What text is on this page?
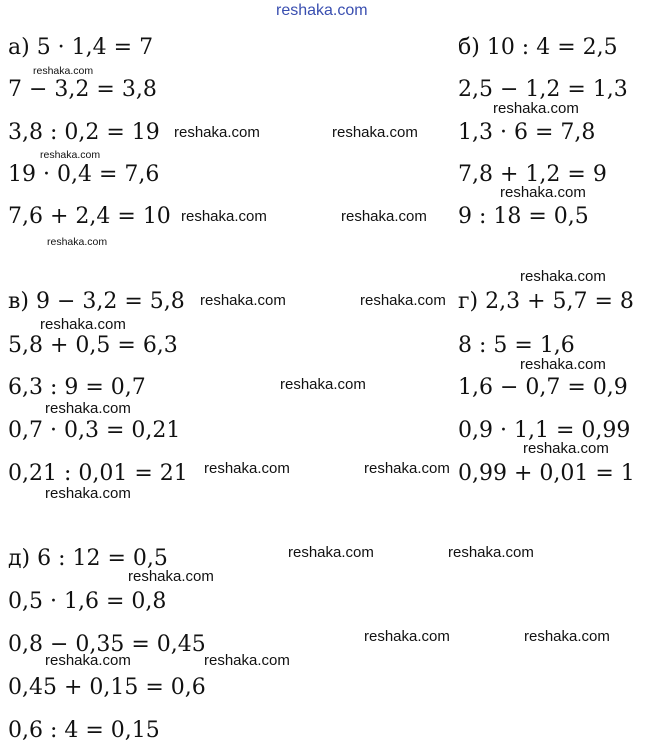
reshaka.com
а) 5 · 1,4 = 7
7 − 3,2 = 3,8
3,8 : 0,2 = 19
19 · 0,4 = 7,6
7,6 + 2,4 = 10
б) 10 : 4 = 2,5
2,5 − 1,2 = 1,3
1,3 · 6 = 7,8
7,8 + 1,2 = 9
9 : 18 = 0,5
в) 9 − 3,2 = 5,8
5,8 + 0,5 = 6,3
6,3 : 9 = 0,7
0,7 · 0,3 = 0,21
0,21 : 0,01 = 21
г) 2,3 + 5,7 = 8
8 : 5 = 1,6
1,6 − 0,7 = 0,9
0,9 · 1,1 = 0,99
0,99 + 0,01 = 1
д) 6 : 12 = 0,5
0,5 · 1,6 = 0,8
0,8 − 0,35 = 0,45
0,45 + 0,15 = 0,6
0,6 : 4 = 0,15
reshaka.com
reshaka.com	reshaka.com
reshaka.com
reshaka.com	reshaka.com
reshaka.com
reshaka.com
reshaka.com
reshaka.com
reshaka.com	reshaka.com
reshaka.com
reshaka.com
reshaka.com
reshaka.com
reshaka.com
reshaka.com	reshaka.com
reshaka.com
reshaka.com	reshaka.com
reshaka.com
reshaka.com	reshaka.com
reshaka.com	reshaka.com
